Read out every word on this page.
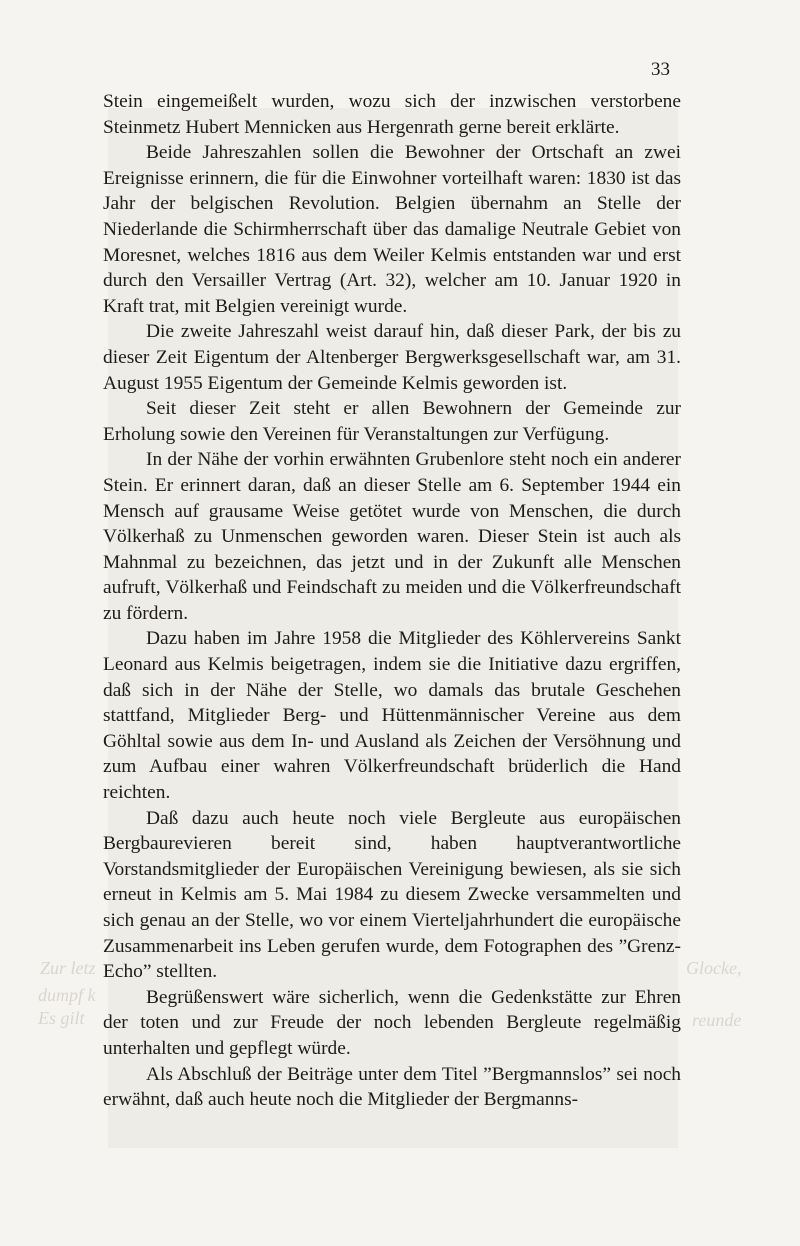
Zur letz
dumpf k
Es gilt
Glocke,
reunde
33

Stein eingemeißelt wurden, wozu sich der inzwischen verstorbene Steinmetz Hubert Mennicken aus Hergenrath gerne bereit erklärte.

Beide Jahreszahlen sollen die Bewohner der Ortschaft an zwei Ereignisse erinnern, die für die Einwohner vorteilhaft waren: 1830 ist das Jahr der belgischen Revolution. Belgien übernahm an Stelle der Niederlande die Schirmherrschaft über das damalige Neutrale Gebiet von Moresnet, welches 1816 aus dem Weiler Kelmis entstanden war und erst durch den Versailler Vertrag (Art. 32), welcher am 10. Januar 1920 in Kraft trat, mit Belgien vereinigt wurde.

Die zweite Jahreszahl weist darauf hin, daß dieser Park, der bis zu dieser Zeit Eigentum der Altenberger Bergwerksgesellschaft war, am 31. August 1955 Eigentum der Gemeinde Kelmis geworden ist.

Seit dieser Zeit steht er allen Bewohnern der Gemeinde zur Erholung sowie den Vereinen für Veranstaltungen zur Verfügung.

In der Nähe der vorhin erwähnten Grubenlore steht noch ein anderer Stein. Er erinnert daran, daß an dieser Stelle am 6. September 1944 ein Mensch auf grausame Weise getötet wurde von Menschen, die durch Völkerhaß zu Unmenschen geworden waren. Dieser Stein ist auch als Mahnmal zu bezeichnen, das jetzt und in der Zukunft alle Menschen aufruft, Völkerhaß und Feindschaft zu meiden und die Völkerfreundschaft zu fördern.

Dazu haben im Jahre 1958 die Mitglieder des Köhlervereins Sankt Leonard aus Kelmis beigetragen, indem sie die Initiative dazu ergriffen, daß sich in der Nähe der Stelle, wo damals das brutale Geschehen stattfand, Mitglieder Berg- und Hüttenmännischer Vereine aus dem Göhltal sowie aus dem In- und Ausland als Zeichen der Versöhnung und zum Aufbau einer wahren Völkerfreundschaft brüderlich die Hand reichten.

Daß dazu auch heute noch viele Bergleute aus europäischen Bergbaurevieren bereit sind, haben hauptverantwortliche Vorstandsmitglieder der Europäischen Vereinigung bewiesen, als sie sich erneut in Kelmis am 5. Mai 1984 zu diesem Zwecke versammelten und sich genau an der Stelle, wo vor einem Vierteljahrhundert die europäische Zusammenarbeit ins Leben gerufen wurde, dem Fotographen des ”Grenz-Echo” stellten.

Begrüßenswert wäre sicherlich, wenn die Gedenkstätte zur Ehren der toten und zur Freude der noch lebenden Bergleute regelmäßig unterhalten und gepflegt würde.

Als Abschluß der Beiträge unter dem Titel ”Bergmannslos” sei noch erwähnt, daß auch heute noch die Mitglieder der Bergmanns-
